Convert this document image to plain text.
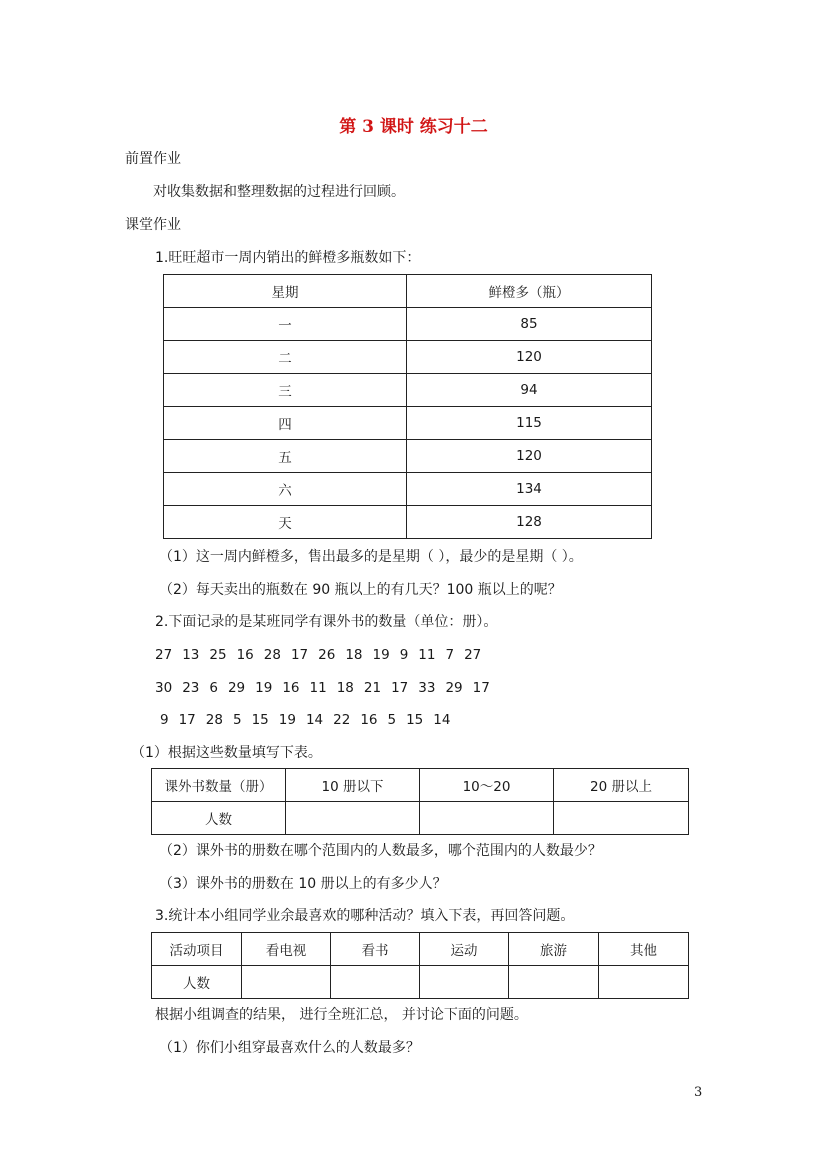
第 3 课时 练习十二
前置作业
对收集数据和整理数据的过程进行回顾。
课堂作业
1.旺旺超市一周内销出的鲜橙多瓶数如下：
星期	鲜橙多（瓶）
一	85
二	120
三	94
四	115
五	120
六	134
天	128
（1）这一周内鲜橙多，售出最多的是星期（ ），最少的是星期（ ）。
（2）每天卖出的瓶数在 90 瓶以上的有几天？100 瓶以上的呢？
2.下面记录的是某班同学有课外书的数量（单位：册）。
27 13 25 16 28 17 26 18 19 9 11 7 27
30 23 6 29 19 16 11 18 21 17 33 29 17
9 17 28 5 15 19 14 22 16 5 15 14
（1）根据这些数量填写下表。
课外书数量（册）	10 册以下	10～20	20 册以上
人数			
（2）课外书的册数在哪个范围内的人数最多，哪个范围内的人数最少？
（3）课外书的册数在 10 册以上的有多少人？
3.统计本小组同学业余最喜欢的哪种活动？填入下表，再回答问题。
活动项目	看电视	看书	运动	旅游	其他
人数					
根据小组调查的结果， 进行全班汇总， 并讨论下面的问题。
（1）你们小组穿最喜欢什么的人数最多？
3
